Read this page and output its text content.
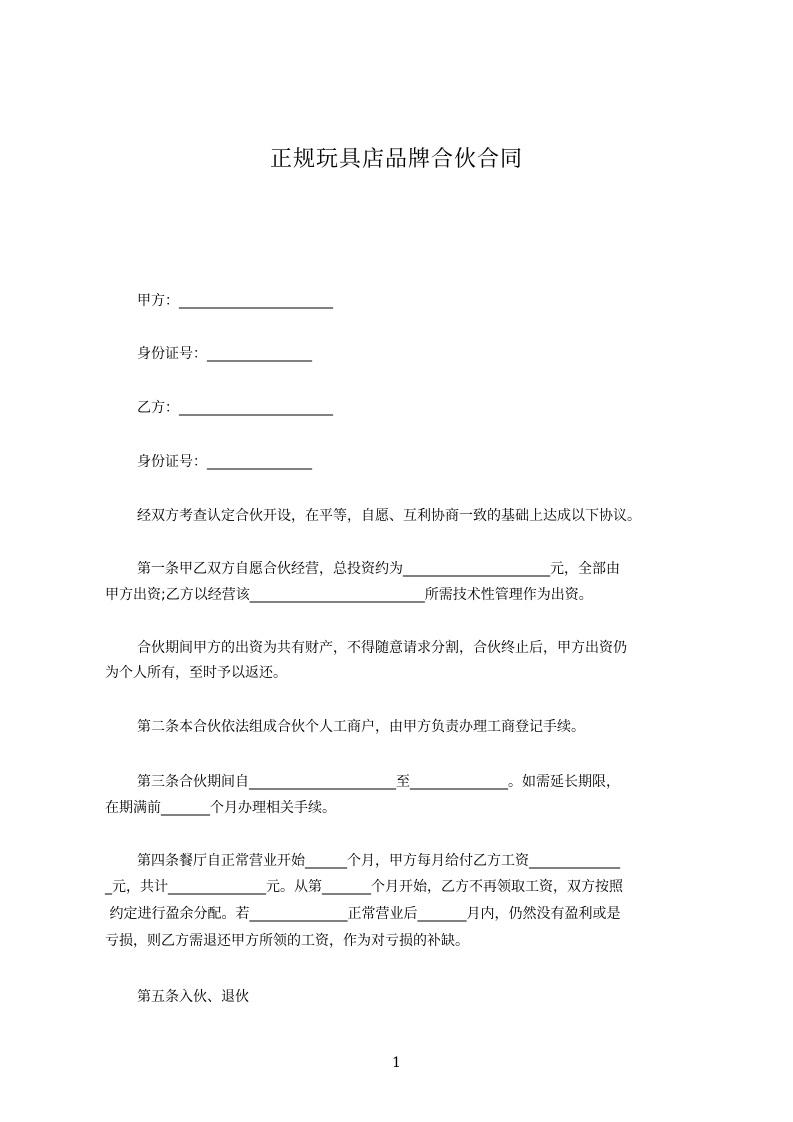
正规玩具店品牌合伙合同
甲方：______________________
身份证号：_______________
乙方：______________________
身份证号：_______________
经双方考查认定合伙开设，在平等，自愿、互利协商一致的基础上达成以下协议。
第一条甲乙双方自愿合伙经营，总投资约为_____________________元，全部由
甲方出资;乙方以经营该_________________________所需技术性管理作为出资。
合伙期间甲方的出资为共有财产，不得随意请求分割，合伙终止后，甲方出资仍
为个人所有，至时予以返还。
第二条本合伙依法组成合伙个人工商户，由甲方负责办理工商登记手续。
第三条合伙期间自_____________________至______________。如需延长期限，
在期满前_______个月办理相关手续。
第四条餐厅自正常营业开始______个月，甲方每月给付乙方工资_____________
_元，共计______________元。从第_______个月开始，乙方不再领取工资，双方按照
约定进行盈余分配。若______________正常营业后_______月内，仍然没有盈利或是
亏损，则乙方需退还甲方所领的工资，作为对亏损的补缺。
第五条入伙、退伙
1
